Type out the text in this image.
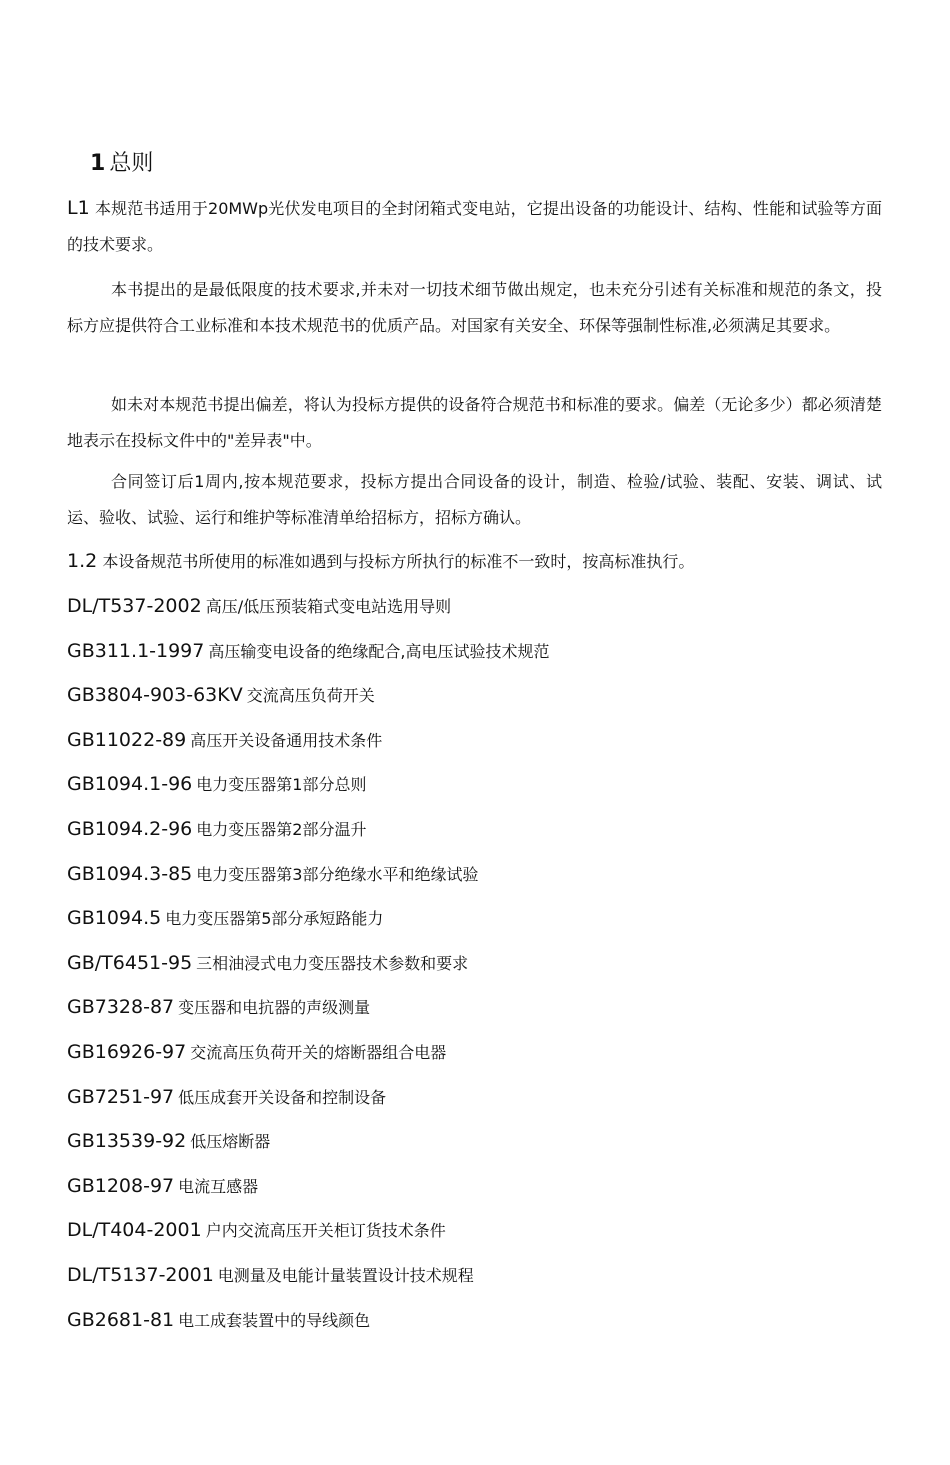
1 总则
L1 本规范书适用于20MWp光伏发电项目的全封闭箱式变电站，它提出设备的功能设计、结构、性能和试验等方面的技术要求。
本书提出的是最低限度的技术要求,并未对一切技术细节做出规定，也未充分引述有关标准和规范的条文，投标方应提供符合工业标准和本技术规范书的优质产品。对国家有关安全、环保等强制性标准,必须满足其要求。
如未对本规范书提出偏差，将认为投标方提供的设备符合规范书和标准的要求。偏差（无论多少）都必须清楚地表示在投标文件中的"差异表"中。
合同签订后1周内,按本规范要求，投标方提出合同设备的设计，制造、检验/试验、装配、安装、调试、试运、验收、试验、运行和维护等标准清单给招标方，招标方确认。
1.2 本设备规范书所使用的标准如遇到与投标方所执行的标准不一致时，按高标准执行。
DL/T537-2002 高压/低压预装箱式变电站选用导则
GB311.1-1997 高压输变电设备的绝缘配合,高电压试验技术规范
GB3804-903-63KV 交流高压负荷开关
GB11022-89 高压开关设备通用技术条件
GB1094.1-96 电力变压器第1部分总则
GB1094.2-96 电力变压器第2部分温升
GB1094.3-85 电力变压器第3部分绝缘水平和绝缘试验
GB1094.5 电力变压器第5部分承短路能力
GB/T6451-95 三相油浸式电力变压器技术参数和要求
GB7328-87 变压器和电抗器的声级测量
GB16926-97 交流高压负荷开关的熔断器组合电器
GB7251-97 低压成套开关设备和控制设备
GB13539-92 低压熔断器
GB1208-97 电流互感器
DL/T404-2001 户内交流高压开关柜订货技术条件
DL/T5137-2001 电测量及电能计量装置设计技术规程
GB2681-81 电工成套装置中的导线颜色
